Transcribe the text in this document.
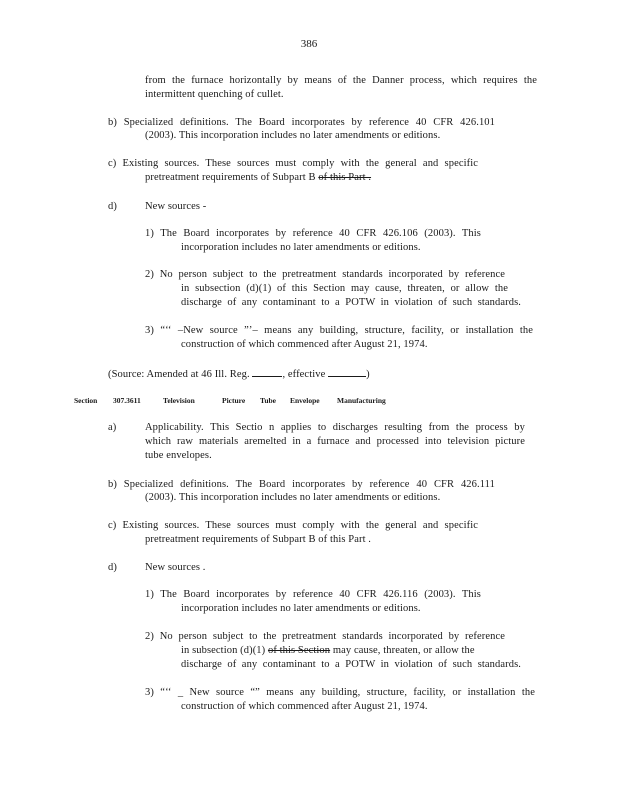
386
from the furnace horizontally by means of the Danner process, which requires the
intermittent quenching of cullet.
b) Specialized definitions. The Board incorporates by reference 40 CFR 426.101
(2003). This incorporation includes no later amendments or editions.
c) Existing sources. These sources must comply with the general and specific
pretreatment requirements of Subpart B of this Part .
d)	New sources -
1) The Board incorporates by reference 40 CFR 426.106 (2003). This
incorporation includes no later amendments or editions.
2) No person subject to the pretreatment standards incorporated by reference
in subsection (d)(1) of this Section may cause, threaten, or allow the
discharge of any contaminant to a POTW in violation of such standards.
3) “‘‘ –New source ”’– means any building, structure, facility, or installation the
construction of which commenced after August 21, 1974.
(Source: Amended at 46 Ill. Reg.	, effective	)
Section 307.3611	Television	Picture Tube Envelope Manufacturing
a)	Applicability. This Sectio n applies to discharges resulting from the process by
which raw materials aremelted in a furnace and processed into television picture
tube envelopes.
b) Specialized definitions. The Board incorporates by reference 40 CFR 426.111
(2003). This incorporation includes no later amendments or editions.
c) Existing sources. These sources must comply with the general and specific
pretreatment requirements of Subpart B of this Part .
d)	New sources .
1) The Board incorporates by reference 40 CFR 426.116 (2003). This
incorporation includes no later amendments or editions.
2) No person subject to the pretreatment standards incorporated by reference
in subsection (d)(1) of this Section may cause, threaten, or allow the
discharge of any contaminant to a POTW in violation of such standards.
3) “‘‘ _ New source “” means any building, structure, facility, or installation the
construction of which commenced after August 21, 1974.
